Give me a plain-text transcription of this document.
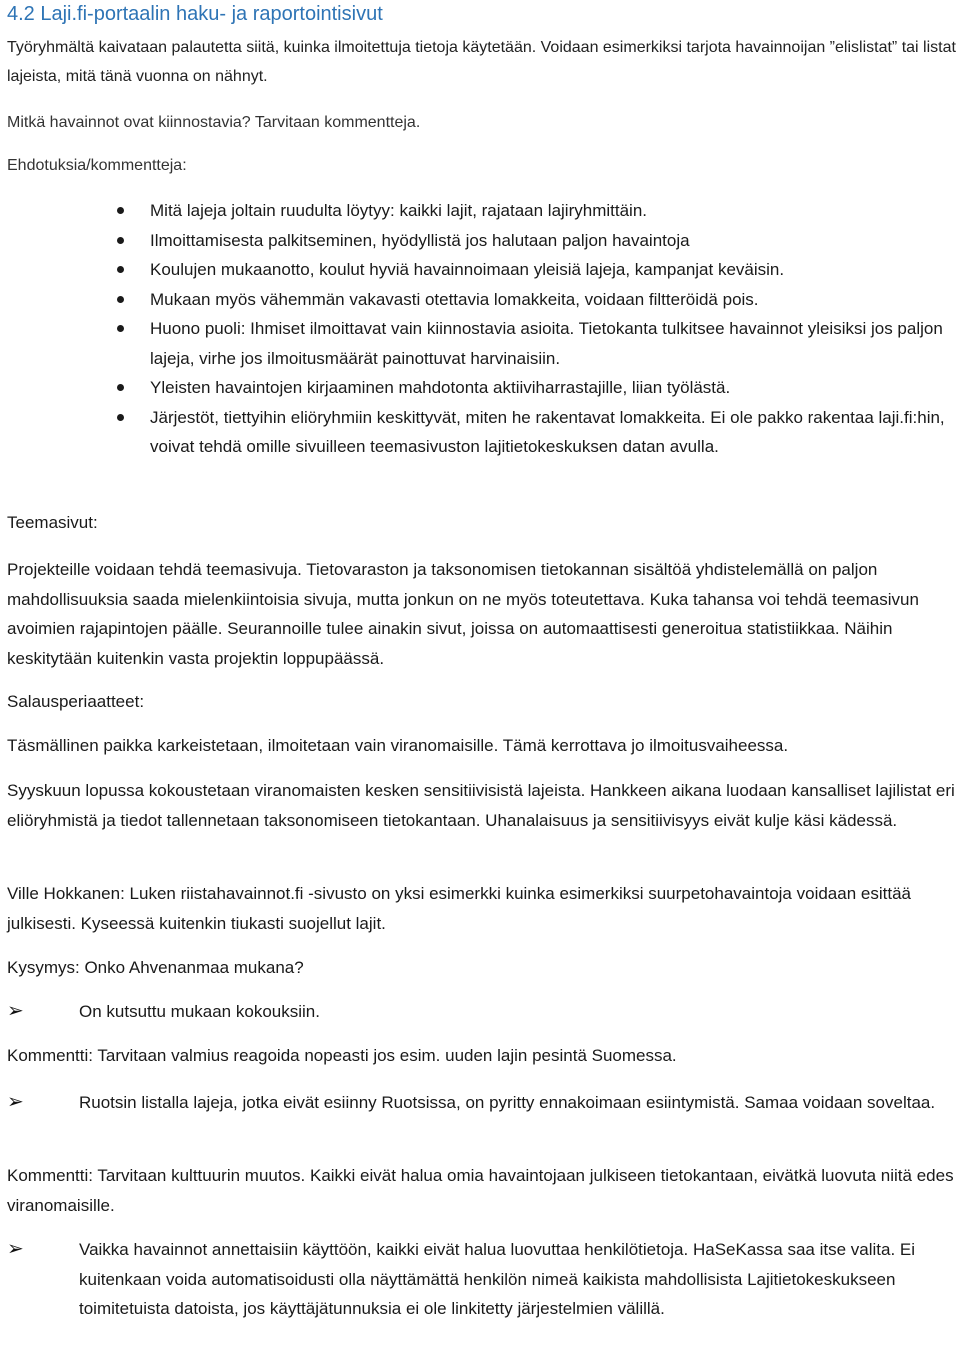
4.2 Laji.fi-portaalin haku- ja raportointisivut
Työryhmältä kaivataan palautetta siitä, kuinka ilmoitettuja tietoja käytetään. Voidaan esimerkiksi tarjota havainnoijan ”elislistat” tai listat lajeista, mitä tänä vuonna on nähnyt.
Mitkä havainnot ovat kiinnostavia? Tarvitaan kommentteja.
Ehdotuksia/kommentteja:
Mitä lajeja joltain ruudulta löytyy: kaikki lajit, rajataan lajiryhmittäin.
Ilmoittamisesta palkitseminen, hyödyllistä jos halutaan paljon havaintoja
Koulujen mukaanotto, koulut hyviä havainnoimaan yleisiä lajeja, kampanjat keväisin.
Mukaan myös vähemmän vakavasti otettavia lomakkeita, voidaan filtteröidä pois.
Huono puoli: Ihmiset ilmoittavat vain kiinnostavia asioita. Tietokanta tulkitsee havainnot yleisiksi jos paljon lajeja, virhe jos ilmoitusmäärät painottuvat harvinaisiin.
Yleisten havaintojen kirjaaminen mahdotonta aktiiviharrastajille, liian työlästä.
Järjestöt, tiettyihin eliöryhmiin keskittyvät, miten he rakentavat lomakkeita. Ei ole pakko rakentaa laji.fi:hin, voivat tehdä omille sivuilleen teemasivuston lajitietokeskuksen datan avulla.
Teemasivut:
Projekteille voidaan tehdä teemasivuja. Tietovaraston ja taksonomisen tietokannan sisältöä yhdistelemällä on paljon mahdollisuuksia saada mielenkiintoisia sivuja, mutta jonkun on ne myös toteutettava. Kuka tahansa voi tehdä teemasivun avoimien rajapintojen päälle. Seurannoille tulee ainakin sivut, joissa on automaattisesti generoitua statistiikkaa. Näihin keskitytään kuitenkin vasta projektin loppupäässä.
Salausperiaatteet:
Täsmällinen paikka karkeistetaan, ilmoitetaan vain viranomaisille. Tämä kerrottava jo ilmoitusvaiheessa.
Syyskuun lopussa kokoustetaan viranomaisten kesken sensitiivisistä lajeista. Hankkeen aikana luodaan kansalliset lajilistat eri eliöryhmistä ja tiedot tallennetaan taksonomiseen tietokantaan. Uhanalaisuus ja sensitiivisyys eivät kulje käsi kädessä.
Ville Hokkanen: Luken riistahavainnot.fi -sivusto on yksi esimerkki kuinka esimerkiksi suurpetohavaintoja voidaan esittää julkisesti. Kyseessä kuitenkin tiukasti suojellut lajit.
Kysymys: Onko Ahvenanmaa mukana?
➢	On kutsuttu mukaan kokouksiin.
Kommentti: Tarvitaan valmius reagoida nopeasti jos esim. uuden lajin pesintä Suomessa.
➢	Ruotsin listalla lajeja, jotka eivät esiinny Ruotsissa, on pyritty ennakoimaan esiintymistä. Samaa voidaan soveltaa.
Kommentti: Tarvitaan kulttuurin muutos. Kaikki eivät halua omia havaintojaan julkiseen tietokantaan, eivätkä luovuta niitä edes viranomaisille.
➢	Vaikka havainnot annettaisiin käyttöön, kaikki eivät halua luovuttaa henkilötietoja. HaSeKassa saa itse valita. Ei kuitenkaan voida automatisoidusti olla näyttämättä henkilön nimeä kaikista mahdollisista Lajitietokeskukseen toimitetuista datoista, jos käyttäjätunnuksia ei ole linkitetty järjestelmien välillä.
